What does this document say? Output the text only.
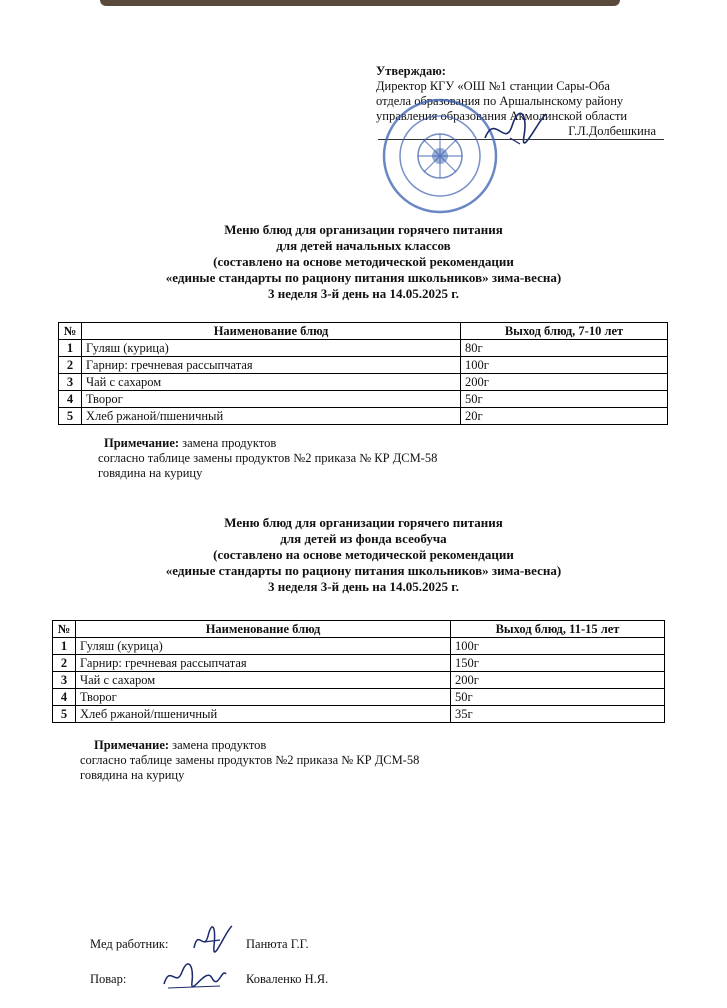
Утверждаю:
Директор КГУ «ОШ №1 станции Сары-Оба
отдела образования по Аршалынскому району
управления образования Акмолинской области
Г.Л.Долбешкина
Меню блюд для организации горячего питания
для детей начальных классов
(составлено на основе методической рекомендации
«единые стандарты по рациону питания школьников» зима-весна)
3 неделя 3-й день на 14.05.2025 г.
№	Наименование блюд	Выход блюд, 7-10 лет
1	Гуляш (курица)	80г
2	Гарнир: гречневая рассыпчатая	100г
3	Чай с сахаром	200г
4	Творог	50г
5	Хлеб ржаной/пшеничный	20г
Примечание: замена продуктов
согласно таблице замены продуктов №2 приказа № КР ДСМ-58
говядина на курицу
Меню блюд для организации горячего питания
для детей из фонда всеобуча
(составлено на основе методической рекомендации
«единые стандарты по рациону питания школьников» зима-весна)
3 неделя 3-й день на 14.05.2025 г.
№	Наименование блюд	Выход блюд, 11-15 лет
1	Гуляш (курица)	100г
2	Гарнир: гречневая рассыпчатая	150г
3	Чай с сахаром	200г
4	Творог	50г
5	Хлеб ржаной/пшеничный	35г
Примечание: замена продуктов
согласно таблице замены продуктов №2 приказа № КР ДСМ-58
говядина на курицу
Мед работник:	Панюта Г.Г.
Повар:	Коваленко Н.Я.
